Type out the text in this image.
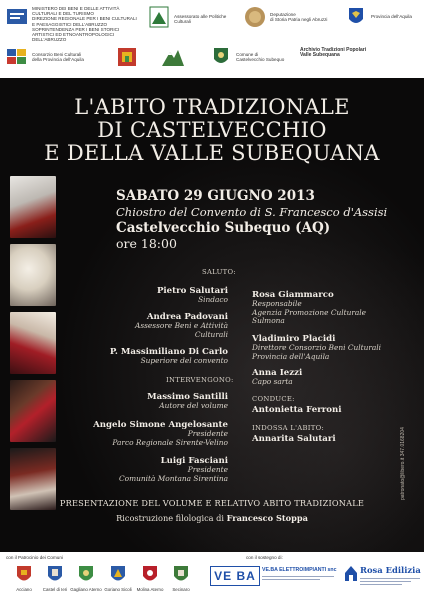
MINISTERO DEI BENI E DELLE ATTIVITÀ CULTURALI E DEL TURISMO
DIREZIONE REGIONALE PER I BENI CULTURALI E PAESAGGISTICI DELL'ABRUZZO
SOPRINTENDENZA PER I BENI STORICI ARTISTICI ED ETNOANTROPOLOGICI DELL'ABRUZZO
Assessorato alle Politiche
Culturali
Deputazione
di Storia Patria negli Abruzzi
Provincia dell'Aquila
Consorzio Beni Culturali
della Provincia dell'Aquila
Comune di
Castelvecchio Subequo
Archivio Tradizioni Popolari
Valle Subequana
L'ABITO TRADIZIONALE
DI CASTELVECCHIO
E DELLA VALLE SUBEQUANA
SABATO 29 GIUGNO 2013
Chiostro del Convento di S. Francesco d'Assisi
Castelvecchio Subequo (AQ)
ore 18:00
SALUTO:
Pietro Salutari
Sindaco
Andrea Padovani
Assessore Beni e Attività
Culturali
P. Massimiliano Di Carlo
Superiore del convento
INTERVENGONO:
Massimo Santilli
Autore del volume
Angelo Simone Angelosante
Presidente
Parco Regionale Sirente-Velino
Luigi Fasciani
Presidente
Comunità Montana Sirentina
Rosa Giammarco
Responsabile
Agenzia Promozione Culturale
Sulmona
Vladimiro Placidi
Direttore Consorzio Beni Culturali
Provincia dell'Aquila
Anna Iezzi
Capo sarta
CONDUCE:
Antonietta Ferroni
INDOSSA L'ABITO:
Annarita Salutari	patronato@libero.it 347.0168204
PRESENTAZIONE DEL VOLUME E RELATIVO ABITO TRADIZIONALE
Ricostruzione filologica di Francesco Stoppa
con il Patrocinio dei Comuni	con il sostegno di:
Acciano	Castel di Ieri Gagliano Aterno Goriano Sicoli	Molina Aterno	Secinaro
VE BA	VE.BA ELETTROIMPIANTI snc	Rosa Edilizia
